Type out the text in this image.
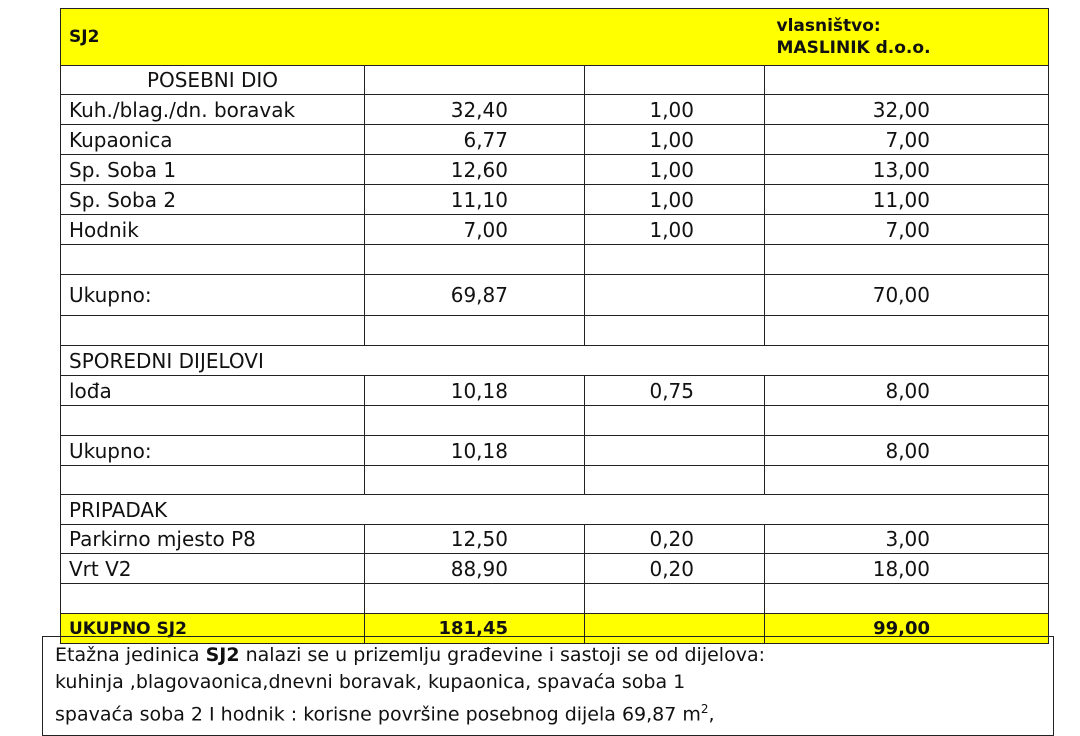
SJ2			vlasništvo:
MASLINIK d.o.o.

POSEBNI DIO			
Kuh./blag./dn. boravak	32,40	1,00	32,00
Kupaonica	6,77	1,00	7,00
Sp. Soba 1	12,60	1,00	13,00
Sp. Soba 2	11,10	1,00	11,00
Hodnik	7,00	1,00	7,00

Ukupno:	69,87		70,00

SPOREDNI DIJELOVI			
lođa	10,18	0,75	8,00

Ukupno:	10,18		8,00

PRIPADAK			
Parkirno mjesto P8	12,50	0,20	3,00
Vrt V2	88,90	0,20	18,00

UKUPNO SJ2	181,45		99,00
Etažna jedinica SJ2 nalazi se u prizemlju građevine i sastoji se od dijelova:
kuhinja ,blagovaonica,dnevni boravak, kupaonica, spavaća soba 1
spavaća soba 2 I hodnik : korisne površine posebnog dijela 69,87 $m^2$,
